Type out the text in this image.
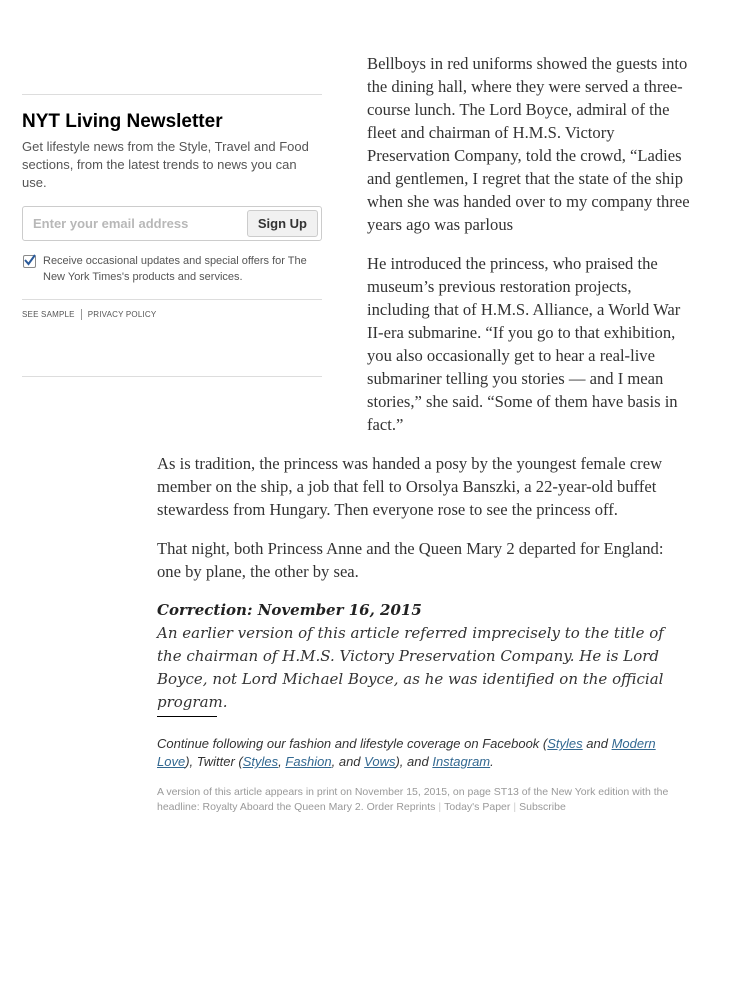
Bellboys in red uniforms showed the guests into the dining hall, where they were served a three-course lunch. The Lord Boyce, admiral of the fleet and chairman of H.M.S. Victory Preservation Company, told the crowd, “Ladies and gentlemen, I regret that the state of the ship when she was handed over to my company three years ago was parlous

He introduced the princess, who praised the museum’s previous restoration projects, including that of H.M.S. Alliance, a World War II-era submarine. “If you go to that exhibition, you also occasionally get to hear a real-live submariner telling you stories — and I mean stories,” she said. “Some of them have basis in fact.”

As is tradition, the princess was handed a posy by the youngest female crew member on the ship, a job that fell to Orsolya Banszki, a 22-year-old buffet stewardess from Hungary. Then everyone rose to see the princess off.

That night, both Princess Anne and the Queen Mary 2 departed for England: one by plane, the other by sea.

Correction: November 16, 2015
An earlier version of this article referred imprecisely to the title of the chairman of H.M.S. Victory Preservation Company. He is Lord Boyce, not Lord Michael Boyce, as he was identified on the official program.
NYT Living Newsletter
Get lifestyle news from the Style, Travel and Food sections, from the latest trends to news you can use.
Enter your email address
Sign Up
Receive occasional updates and special offers for The New York Times's products and services.
SEE SAMPLE PRIVACY POLICY
Continue following our fashion and lifestyle coverage on Facebook (Styles and Modern Love), Twitter (Styles, Fashion, and Vows), and Instagram.
A version of this article appears in print on November 15, 2015, on page ST13 of the New York edition with the headline: Royalty Aboard the Queen Mary 2. Order Reprints | Today's Paper | Subscribe
